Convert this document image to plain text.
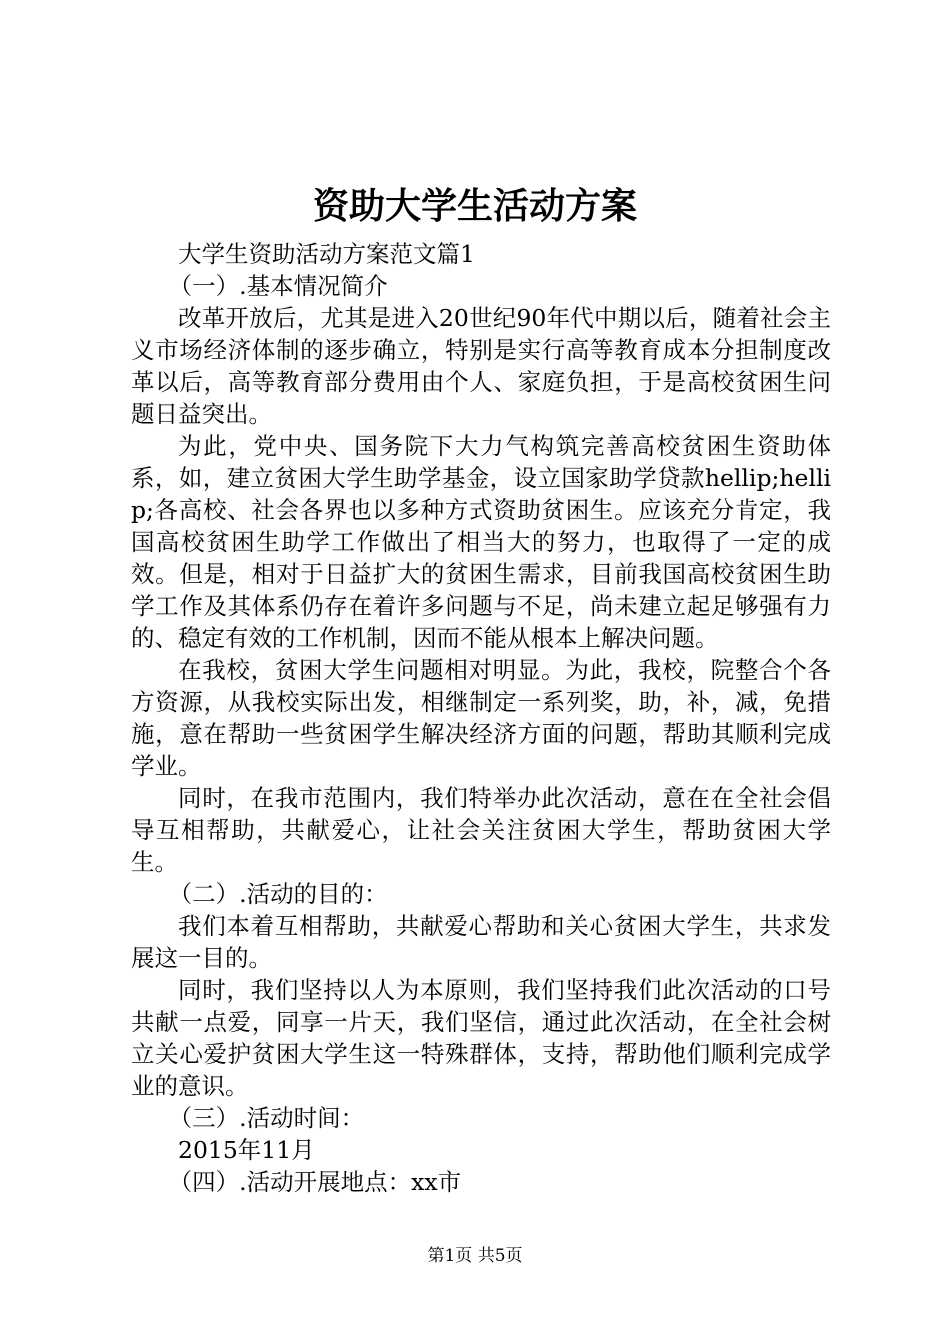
资助大学生活动方案

大学生资助活动方案范文篇1

（一）.基本情况简介

改革开放后，尤其是进入20世纪90年代中期以后，随着社会主义市场经济体制的逐步确立，特别是实行高等教育成本分担制度改革以后，高等教育部分费用由个人、家庭负担，于是高校贫困生问题日益突出。

为此，党中央、国务院下大力气构筑完善高校贫困生资助体系，如，建立贫困大学生助学基金，设立国家助学贷款hellip;hellip;各高校、社会各界也以多种方式资助贫困生。应该充分肯定，我国高校贫困生助学工作做出了相当大的努力，也取得了一定的成效。但是，相对于日益扩大的贫困生需求，目前我国高校贫困生助学工作及其体系仍存在着许多问题与不足，尚未建立起足够强有力的、稳定有效的工作机制，因而不能从根本上解决问题。

在我校，贫困大学生问题相对明显。为此，我校，院整合个各方资源，从我校实际出发，相继制定一系列奖，助，补，减，免措施，意在帮助一些贫困学生解决经济方面的问题，帮助其顺利完成学业。

同时，在我市范围内，我们特举办此次活动，意在在全社会倡导互相帮助，共献爱心，让社会关注贫困大学生，帮助贫困大学生。

（二）.活动的目的：

我们本着互相帮助，共献爱心帮助和关心贫困大学生，共求发展这一目的。

同时，我们坚持以人为本原则，我们坚持我们此次活动的口号共献一点爱，同享一片天，我们坚信，通过此次活动，在全社会树立关心爱护贫困大学生这一特殊群体，支持，帮助他们顺利完成学业的意识。

（三）.活动时间：

2015年11月

（四）.活动开展地点：xx市

第1页 共5页
